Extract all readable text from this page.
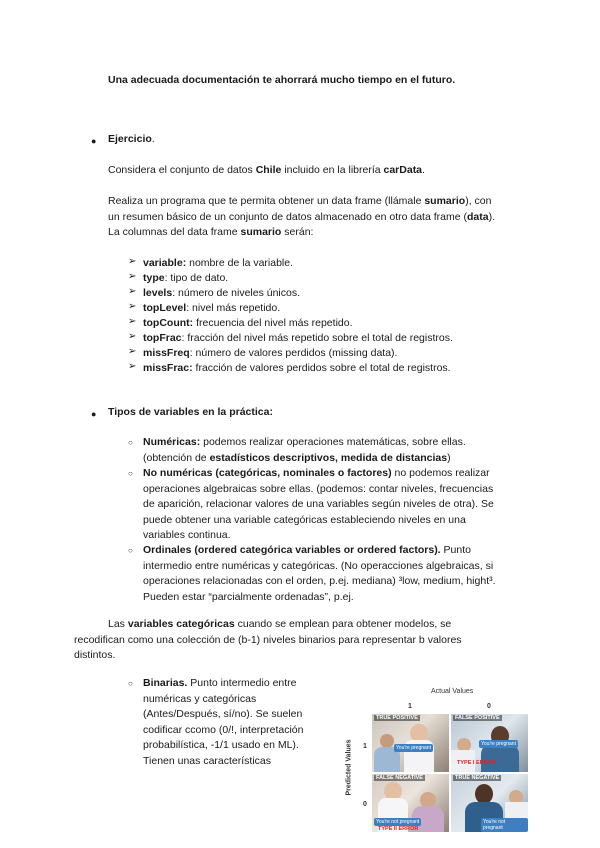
Una adecuada documentación te ahorrará mucho tiempo en el futuro.
● Ejercicio.
Considera el conjunto de datos Chile incluido en la librería carData.
Realiza un programa que te permita obtener un data frame (llámale sumario), con
un resumen básico de un conjunto de datos almacenado en otro data frame (data).
La columnas del data frame sumario serán:
➢ variable: nombre de la variable.
➢ type: tipo de dato.
➢ levels: número de niveles únicos.
➢ topLevel: nivel más repetido.
➢ topCount: frecuencia del nivel más repetido.
➢ topFrac: fracción del nivel más repetido sobre el total de registros.
➢ missFreq: número de valores perdidos (missing data).
➢ missFrac: fracción de valores perdidos sobre el total de registros.
● Tipos de variables en la práctica:
○ Numéricas: podemos realizar operaciones matemáticas, sobre ellas.
(obtención de estadísticos descriptivos, medida de distancias)
○ No numéricas (categóricas, nominales o factores) no podemos realizar
operaciones algebraicas sobre ellas. (podemos: contar niveles, frecuencias
de aparición, relacionar valores de una variables según niveles de otra). Se
puede obtener una variable categóricas estableciendo niveles en una
variables continua.
○ Ordinales (ordered categórica variables or ordered factors). Punto
intermedio entre numéricas y categóricas. (No operacciones algebraicas, si
operaciones relacionadas con el orden, p.ej. mediana) ³low, medium, hight³.
Pueden estar “parcialmente ordenadas”, p.ej.
Las variables categóricas cuando se emplean para obtener modelos, se
recodifican como una colección de (b-1) niveles binarios para representar b valores
distintos.
○ Binarias. Punto intermedio entre
numéricas y categóricas
(Antes/Después, sí/no). Se suelen
codificar ccomo (0/!, interpretación
probabilística, -1/1 usado en ML).
Tienen unas características
Actual Values
1	0
Predicted Values 1
0
TRUE POSITIVE
You're pregnant
FALSE POSITIVE
You're pregnant
TYPE I ERROR
FALSE NEGATIVE
You're not pregnant
TYPE II ERROR
TRUE NEGATIVE
You're not pregnant
